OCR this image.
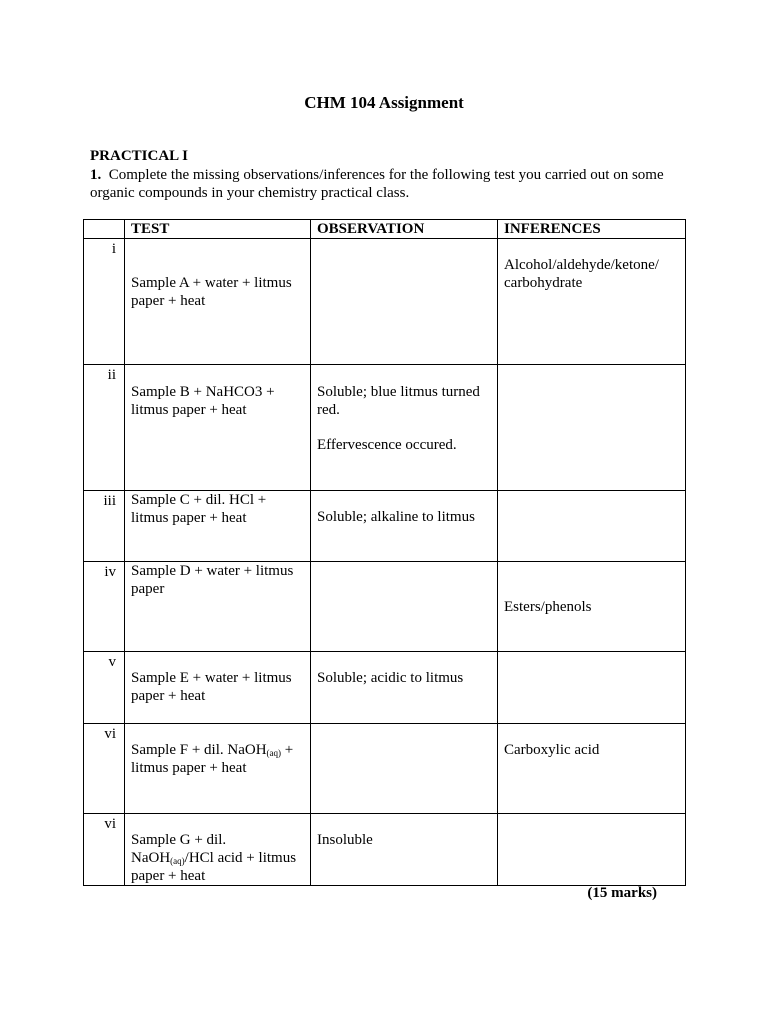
CHM 104 Assignment
PRACTICAL I
1. Complete the missing observations/inferences for the following test you carried out on some organic compounds in your chemistry practical class.
	TEST	OBSERVATION	INFERENCES
i	Sample A + water + litmus paper + heat		Alcohol/aldehyde/ketone/ carbohydrate

ii	Sample B + NaHCO3 + litmus paper + heat	Soluble; blue litmus turned red.
Effervescence occured.	

iii	Sample C + dil. HCl + litmus paper + heat	Soluble; alkaline to litmus	

iv	Sample D + water + litmus paper		Esters/phenols

v	Sample E + water + litmus paper + heat	Soluble; acidic to litmus	

vi	Sample F + dil. NaOH$_{(aq)}$ + litmus paper + heat		Carboxylic acid

vi	Sample G + dil. NaOH$_{(aq)}$/HCl acid + litmus paper + heat	Insoluble	

(15 marks)
